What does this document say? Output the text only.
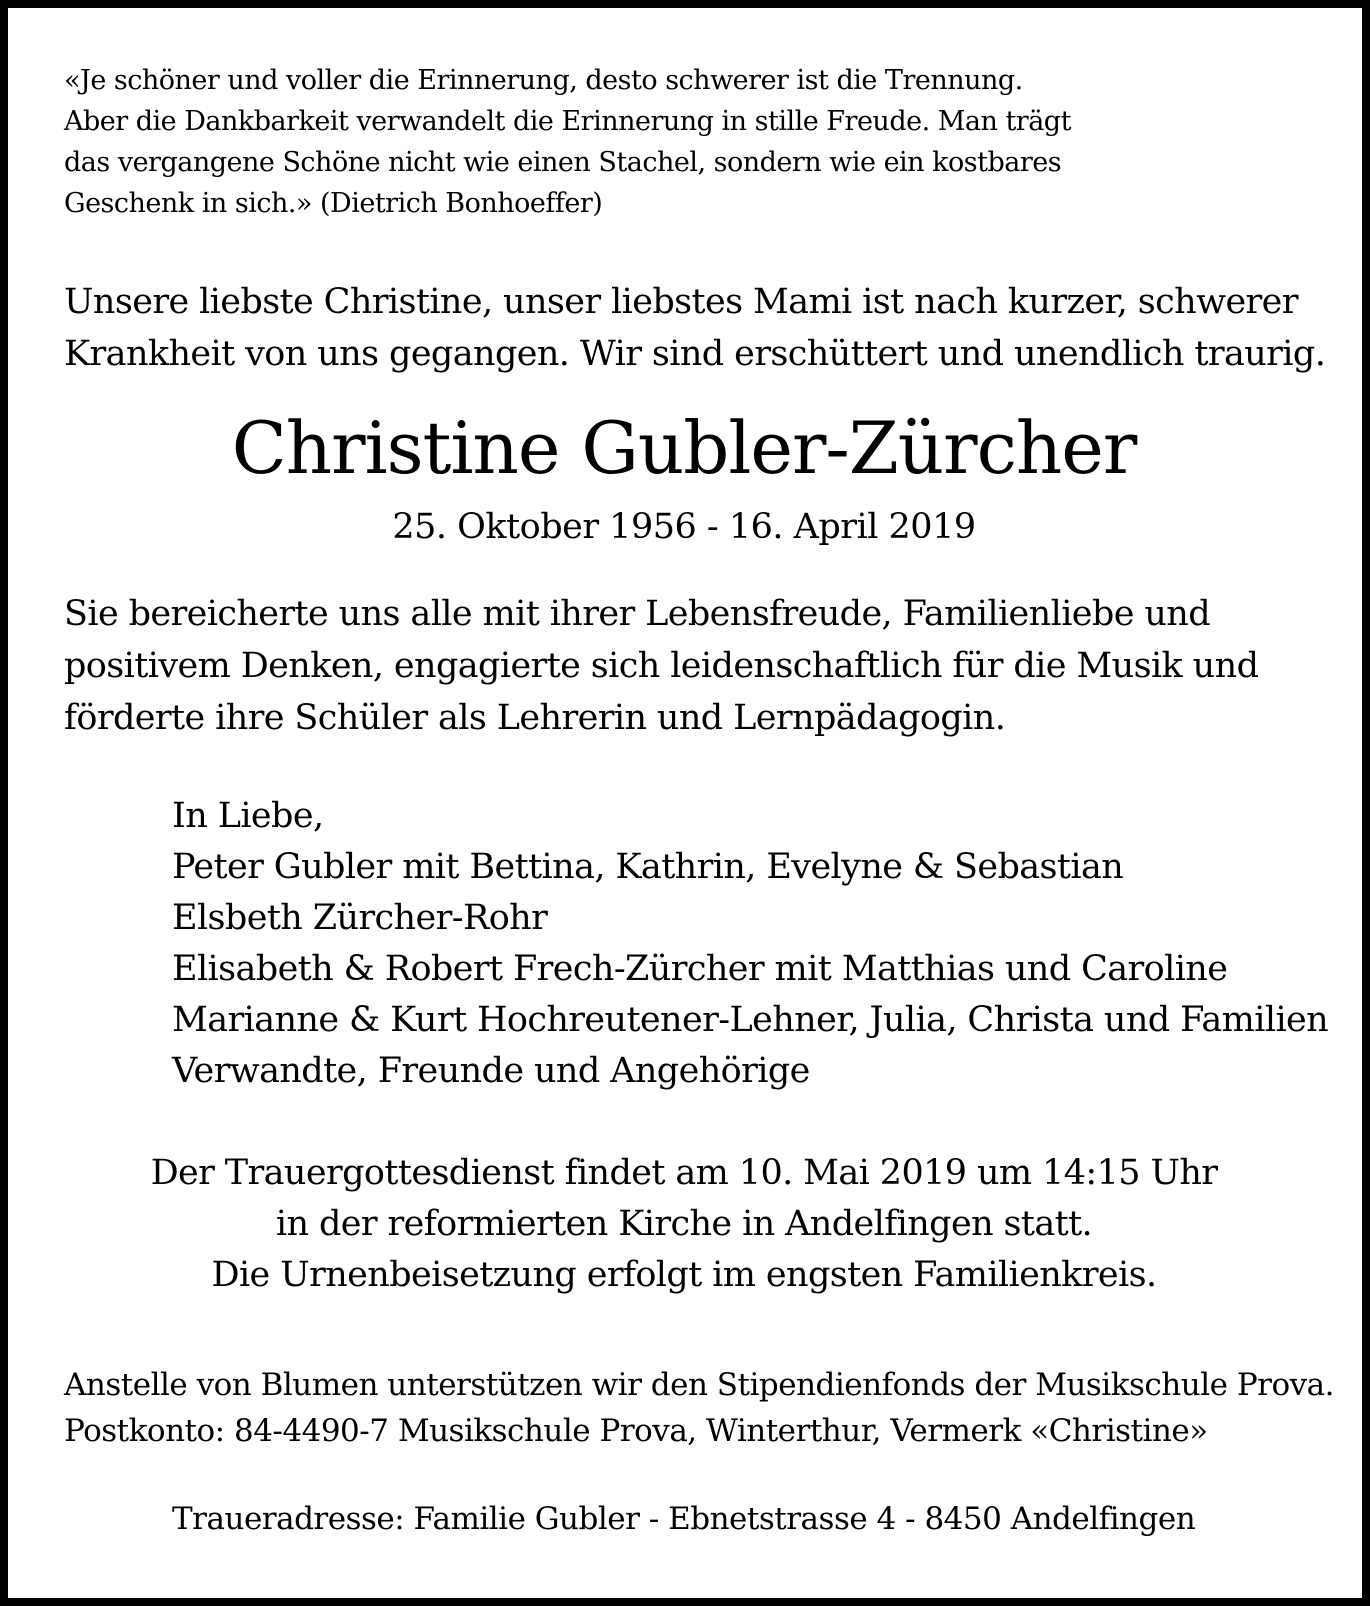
«Je schöner und voller die Erinnerung, desto schwerer ist die Trennung.
Aber die Dankbarkeit verwandelt die Erinnerung in stille Freude. Man trägt
das vergangene Schöne nicht wie einen Stachel, sondern wie ein kostbares
Geschenk in sich.» (Dietrich Bonhoeffer)
Unsere liebste Christine, unser liebstes Mami ist nach kurzer, schwerer
Krankheit von uns gegangen. Wir sind erschüttert und unendlich traurig.
Christine Gubler-Zürcher
25. Oktober 1956 - 16. April 2019
Sie bereicherte uns alle mit ihrer Lebensfreude, Familienliebe und
positivem Denken, engagierte sich leidenschaftlich für die Musik und
förderte ihre Schüler als Lehrerin und Lernpädagogin.
In Liebe,
Peter Gubler mit Bettina, Kathrin, Evelyne & Sebastian
Elsbeth Zürcher-Rohr
Elisabeth & Robert Frech-Zürcher mit Matthias und Caroline
Marianne & Kurt Hochreutener-Lehner, Julia, Christa und Familien
Verwandte, Freunde und Angehörige
Der Trauergottesdienst findet am 10. Mai 2019 um 14:15 Uhr
in der reformierten Kirche in Andelfingen statt.
Die Urnenbeisetzung erfolgt im engsten Familienkreis.
Anstelle von Blumen unterstützen wir den Stipendienfonds der Musikschule Prova.
Postkonto: 84-4490-7 Musikschule Prova, Winterthur, Vermerk «Christine»
Traueradresse: Familie Gubler - Ebnetstrasse 4 - 8450 Andelfingen
